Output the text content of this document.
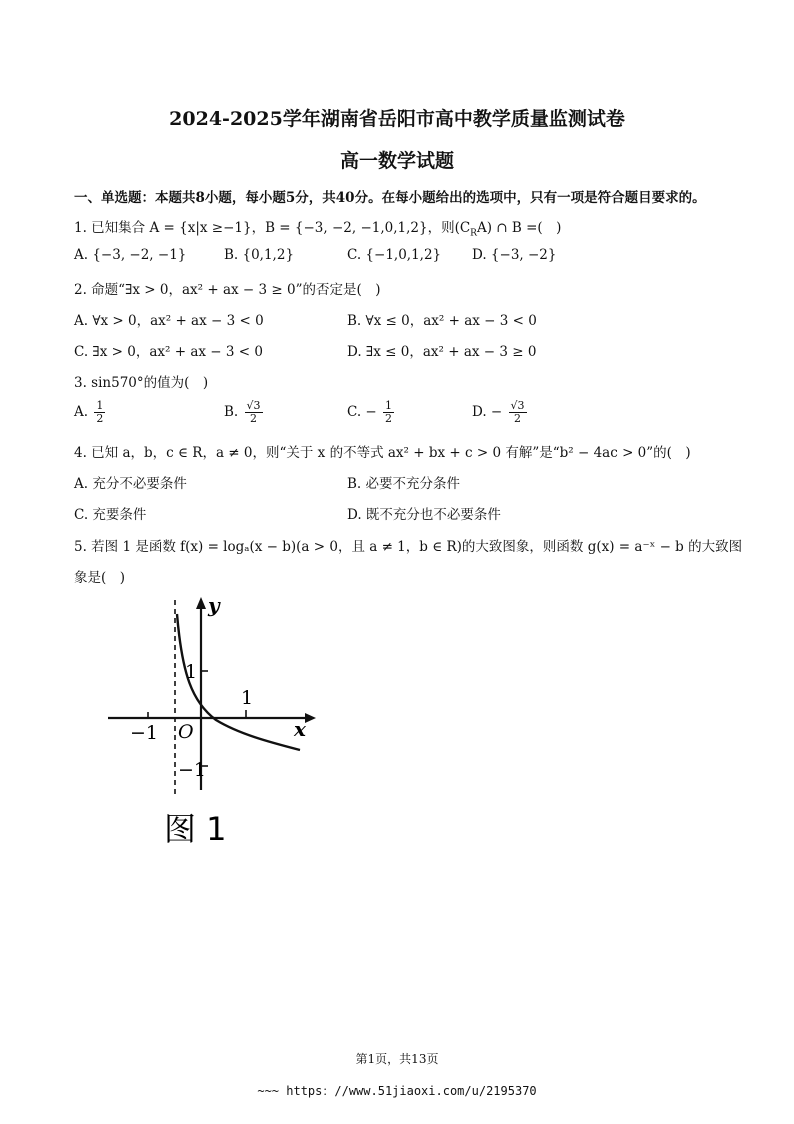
2024-2025学年湖南省岳阳市高中教学质量监测试卷
高一数学试题
一、单选题：本题共8小题，每小题5分，共40分。在每小题给出的选项中，只有一项是符合题目要求的。
1. 已知集合 A = {x|x ≥−1}，B = {−3, −2, −1,0,1,2}，则$(C_RA)$ ∩ B =(　)
A. {−3, −2, −1}	B. {0,1,2}	C. {−1,0,1,2} D. {−3, −2}
2. 命题“∃x > 0，ax² + ax − 3 ≥ 0”的否定是(　)
A. ∀x > 0，ax² + ax − 3 < 0	B. ∀x ≤ 0，ax² + ax − 3 < 0
C. ∃x > 0，ax² + ax − 3 < 0	D. ∃x ≤ 0，ax² + ax − 3 ≥ 0
3. sin570°的值为(　)
A. $\frac{1}{2}$	B. $\frac{√3}{2}$	C. − $\frac{1}{2}$	D. − $\frac{√3}{2}$
4. 已知 a，b，c ∈ R，a ≠ 0，则“关于 x 的不等式 ax² + bx + c > 0 有解”是“b² − 4ac > 0”的(　)
A. 充分不必要条件	B. 必要不充分条件
C. 充要条件	D. 既不充分也不必要条件
5. 若图 1 是函数 f(x) = logₐ(x − b)(a > 0，且 a ≠ 1，b ∈ R)的大致图象，则函数 g(x) = a⁻ˣ − b 的大致图
象是(　)
y
x
O
−1
1
1
−1
图 1
第1页，共13页
~~~ https：//www.51jiaoxi.com/u/2195370
